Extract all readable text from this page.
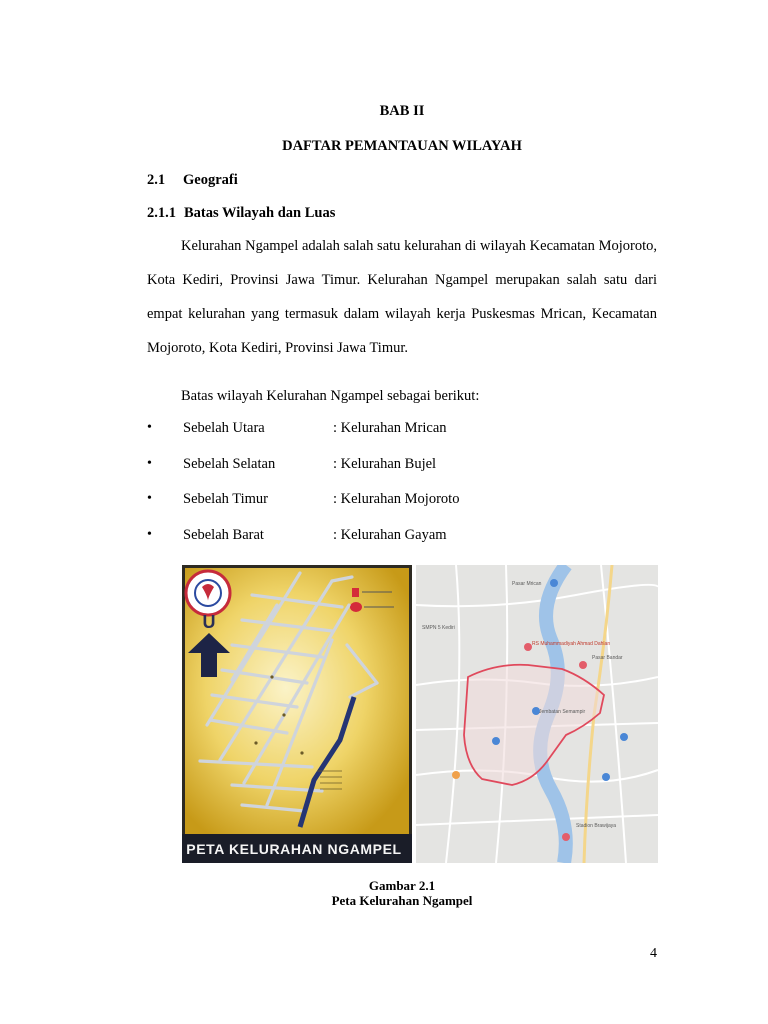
BAB II
DAFTAR PEMANTAUAN WILAYAH
2.1 Geografi
2.1.1 Batas Wilayah dan Luas

Kelurahan Ngampel adalah salah satu kelurahan di wilayah Kecamatan Mojoroto, Kota Kediri, Provinsi Jawa Timur. Kelurahan Ngampel merupakan salah satu dari empat kelurahan yang termasuk dalam wilayah kerja Puskesmas Mrican, Kecamatan Mojoroto, Kota Kediri, Provinsi Jawa Timur.

Batas wilayah Kelurahan Ngampel sebagai berikut:
•	Sebelah Utara	: Kelurahan Mrican
•	Sebelah Selatan	: Kelurahan Bujel
•	Sebelah Timur	: Kelurahan Mojoroto
•	Sebelah Barat	: Kelurahan Gayam
U
PETA KELURAHAN NGAMPEL
Jembatan Semampir
Pasar Mrican
SMPN 5 Kediri
RS Muhammadiyah Ahmad Dahlan
Pasar Bandar
Stadion Brawijaya
Gambar 2.1
Peta Kelurahan Ngampel
4
